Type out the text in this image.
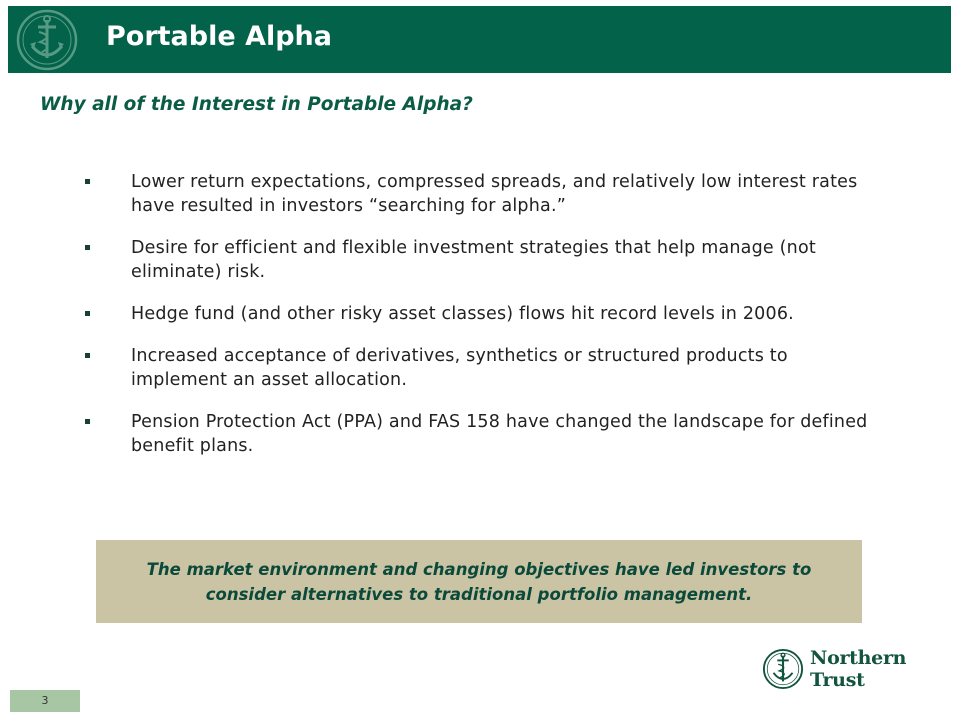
Portable Alpha
Why all of the Interest in Portable Alpha?
Lower return expectations, compressed spreads, and relatively low interest rates have resulted in investors “searching for alpha.”
Desire for efficient and flexible investment strategies that help manage (not eliminate) risk.
Hedge fund (and other risky asset classes) flows hit record levels in 2006.
Increased acceptance of derivatives, synthetics or structured products to implement an asset allocation.
Pension Protection Act (PPA) and FAS 158 have changed the landscape for defined benefit plans.
The market environment and changing objectives have led investors to consider alternatives to traditional portfolio management.
3
Northern Trust
